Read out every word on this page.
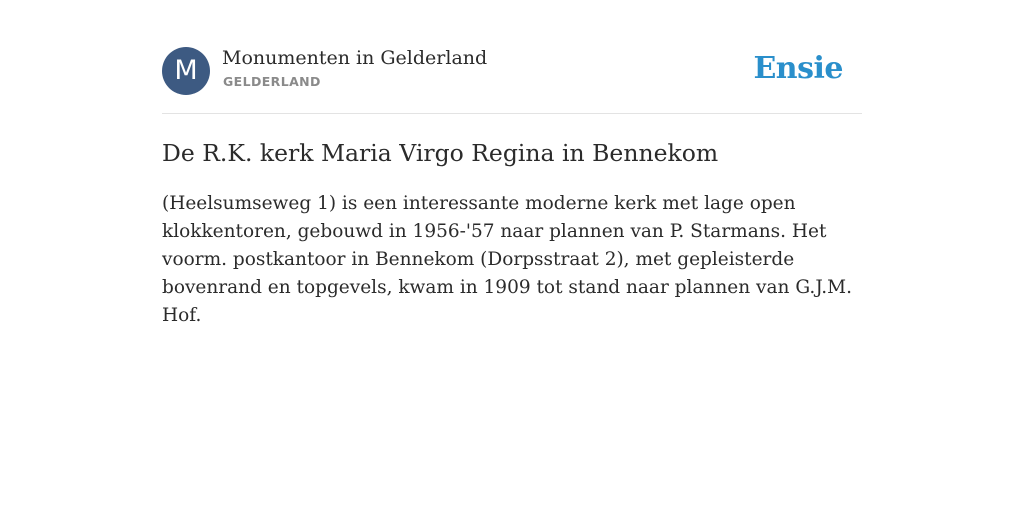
M	Monumenten in Gelderland
GELDERLAND	Ensie
De R.K. kerk Maria Virgo Regina in Bennekom

(Heelsumseweg 1) is een interessante moderne kerk met lage open klokkentoren, gebouwd in 1956-'57 naar plannen van P. Starmans. Het voorm. postkantoor in Bennekom (Dorpsstraat 2), met gepleisterde bovenrand en topgevels, kwam in 1909 tot stand naar plannen van G.J.M. Hof.
